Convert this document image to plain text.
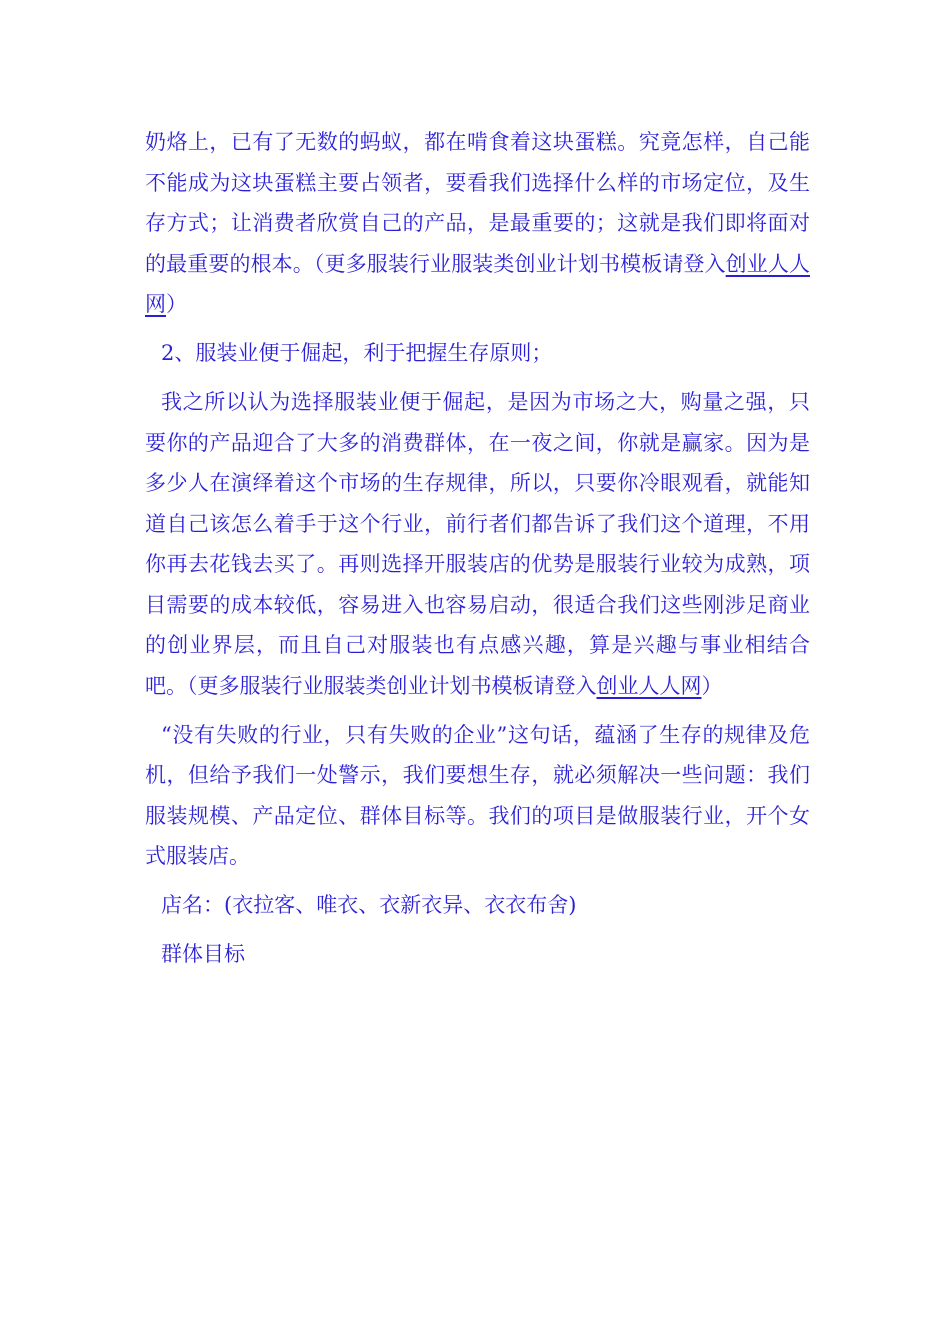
奶烙上，已有了无数的蚂蚁，都在啃食着这块蛋糕。究竟怎样，自己能不能成为这块蛋糕主要占领者，要看我们选择什么样的市场定位，及生存方式；让消费者欣赏自己的产品，是最重要的；这就是我们即将面对的最重要的根本。（更多服装行业服装类创业计划书模板请登入创业人人网）

2、服装业便于倔起，利于把握生存原则；

我之所以认为选择服装业便于倔起，是因为市场之大，购量之强，只要你的产品迎合了大多的消费群体，在一夜之间，你就是赢家。因为是多少人在演绎着这个市场的生存规律，所以，只要你冷眼观看，就能知道自己该怎么着手于这个行业，前行者们都告诉了我们这个道理，不用你再去花钱去买了。再则选择开服装店的优势是服装行业较为成熟，项目需要的成本较低，容易进入也容易启动，很适合我们这些刚涉足商业的创业界层，而且自己对服装也有点感兴趣，算是兴趣与事业相结合吧。（更多服装行业服装类创业计划书模板请登入创业人人网）

“没有失败的行业，只有失败的企业”这句话，蕴涵了生存的规律及危机，但给予我们一处警示，我们要想生存，就必须解决一些问题：我们服装规模、产品定位、群体目标等。我们的项目是做服装行业，开个女式服装店。

店名：(衣拉客、唯衣、衣新衣异、衣衣布舍)

群体目标
